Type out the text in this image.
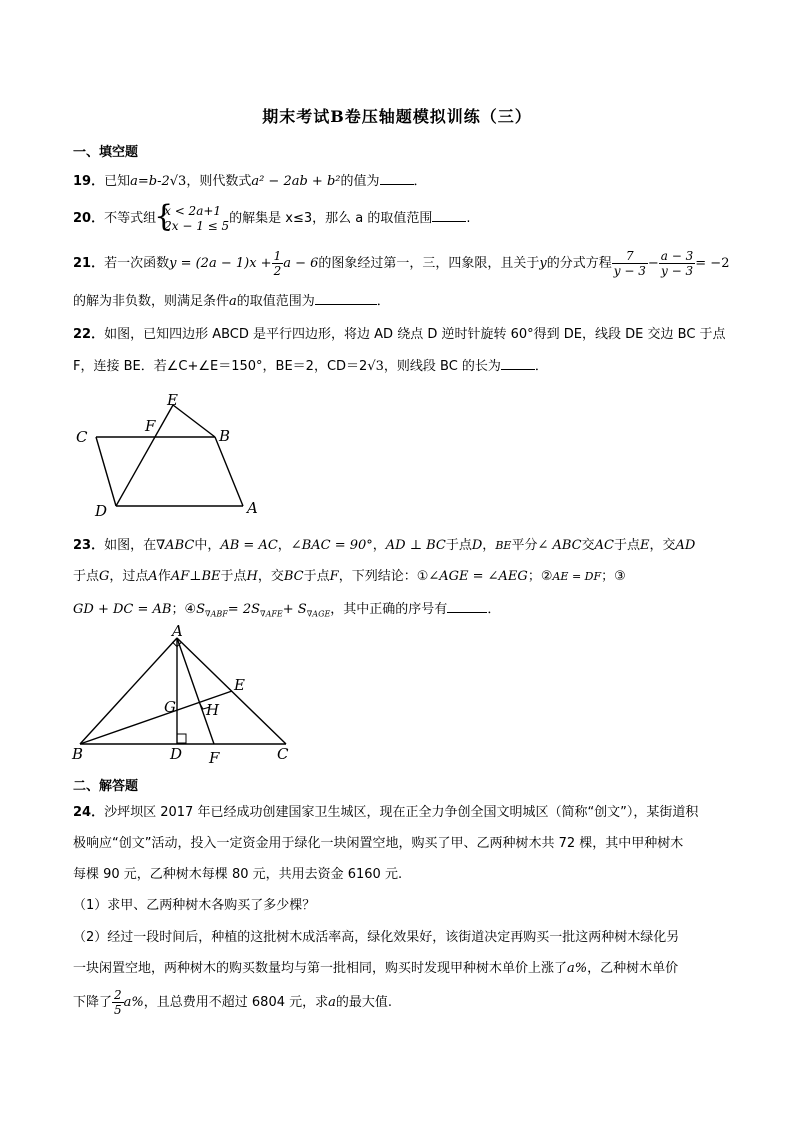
期末考试B卷压轴题模拟训练（三）
一、填空题
19．已知a=b-2√3，则代数式a² − 2ab + b²的值为	．
20．不等式组
{ x < 2a+1
2x − 1 ≤ 5 的解集是 x≤3，那么 a 的取值范围	.
21．若一次函数$y = (2a - 1)x + \frac{1}{2}$ a − 6的图象经过第一，三，四象限，且关于y的分式方程 $\frac{7}{y - 3} - \frac{a - 3}{y - 3} = -2$
的解为非负数，则满足条件a的取值范围为	．
22．如图，已知四边形 ABCD 是平行四边形，将边 AD 绕点 D 逆时针旋转 60°得到 DE，线段 DE 交边 BC 于点
F，连接 BE．若∠C+∠E＝150°，BE＝2，CD＝2√3，则线段 BC 的长为	．
E
C
F
B
D	A
23．如图，在∇ABC中，AB = AC，∠BAC = 90°，AD ⊥ BC于点D，BE平分∠ ABC交AC于点E，交AD
于点G，过点A作AF⊥BE于点H，交BC于点F，下列结论：①∠AGE = ∠AEG；②AE = DF；③
GD + DC = AB；$④S_{\nabla ABF}= 2S_{\nabla AFE}+ S_{\nabla AGE}$，其中正确的序号有	．
A
E
G H
B	D F	C
二、解答题
24．沙坪坝区 2017 年已经成功创建国家卫生城区，现在正全力争创全国文明城区（简称“创文”），某街道积
极响应“创文”活动，投入一定资金用于绿化一块闲置空地，购买了甲、乙两种树木共 72 棵，其中甲种树木
每棵 90 元，乙种树木每棵 80 元，共用去资金 6160 元.
（1）求甲、乙两种树木各购买了多少棵？
（2）经过一段时间后，种植的这批树木成活率高，绿化效果好，该街道决定再购买一批这两种树木绿化另
一块闲置空地，两种树木的购买数量均与第一批相同，购买时发现甲种树木单价上涨了a%，乙种树木单价
下降了 $\frac{2}{5} a\%$，且总费用不超过 6804 元，求a的最大值.
